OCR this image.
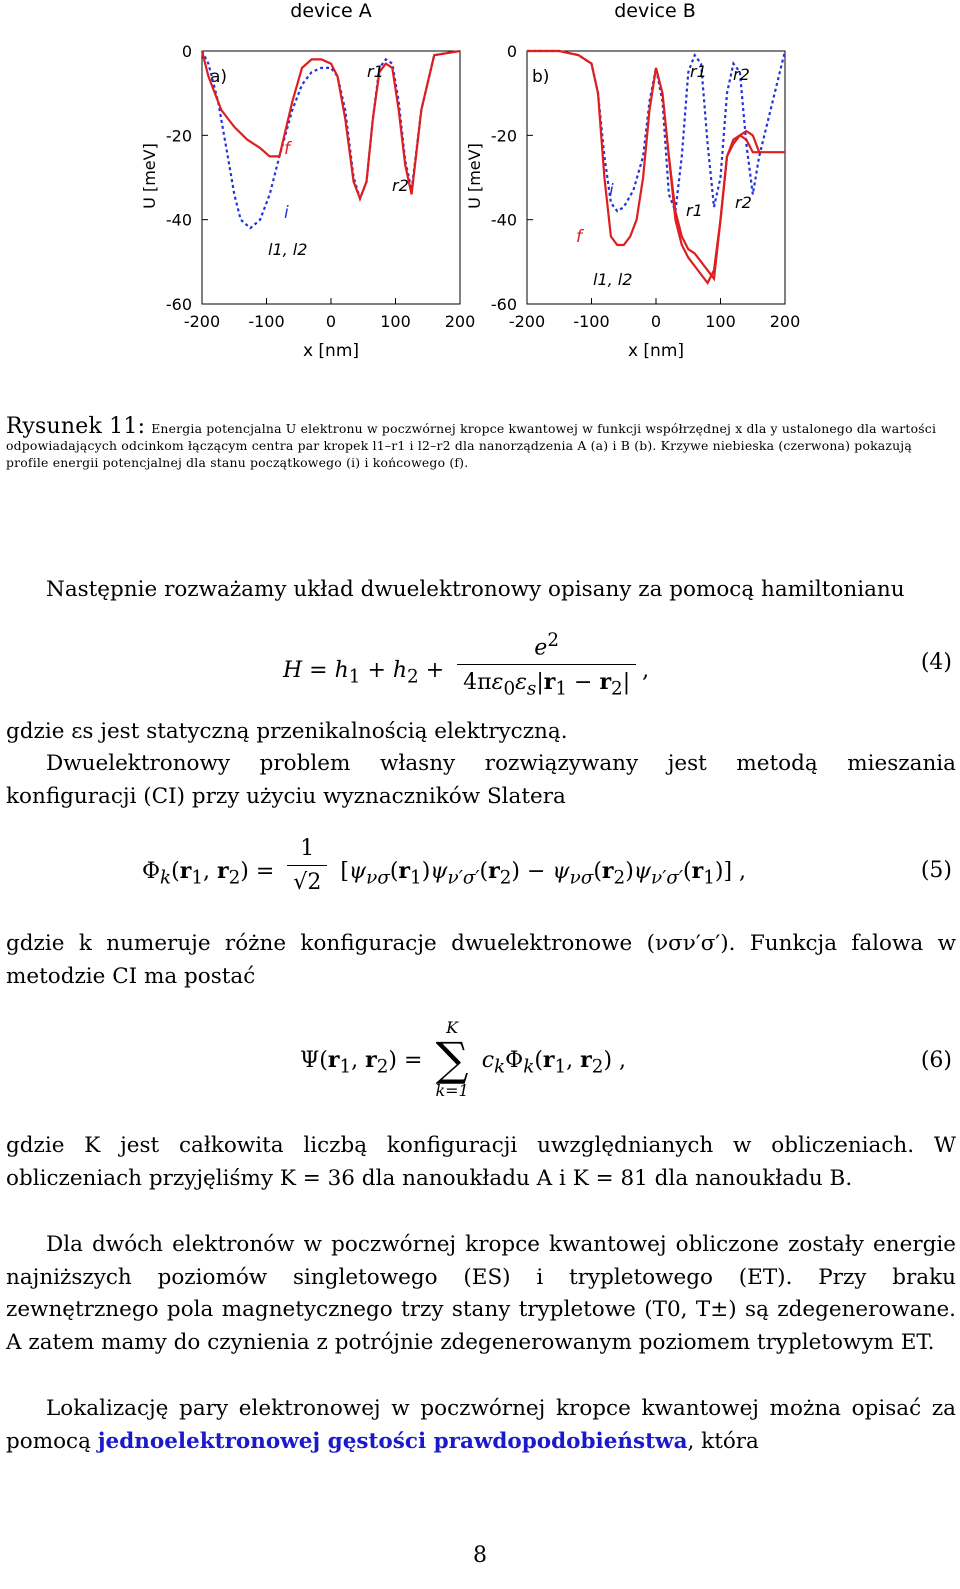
device A
a)
U [meV]
x [nm]
0
-20
-40
-60
-200 -100	0	100 200
r1
r2
f
i
l1, l2
device B
b)
U [meV]
x [nm]
0
-20
-40
-60
-200 -100	0	100 200
r1 r2
i
r1 r2
f
l1, l2
Rysunek 11: Energia potencjalna U elektronu w poczwórnej kropce kwantowej w funkcji współrzędnej x dla y ustalonego dla wartości odpowiadających odcinkom łączącym centra par kropek l1–r1 i l2–r2 dla nanorządzenia A (a) i B (b). Krzywe niebieska (czerwona) pokazują profile energii potencjalnej dla stanu początkowego (i) i końcowego (f).
Następnie rozważamy układ dwuelektronowy opisany za pomocą hamiltonianu
$H = h_1 + h_2 + \frac{e^2}{4\pi\varepsilon_0\varepsilon_s|r_1 - r_2|}$ ,	(4)
gdzie εs jest statyczną przenikalnością elektryczną.
Dwuelektronowy problem własny rozwiązywany jest metodą mieszania konfiguracji (CI) przy użyciu wyznaczników Slatera
$\Phi_k(r_1$, $r_2) = \frac{1}{√2} [\psi_{\nu\sigma}(r_1)\psi_{\nu'\sigma'}(r_2) - \psi_{\nu\sigma}(r_2)\psi_{\nu'\sigma'}(r_1)]$ ,	(5)
gdzie k numeruje różne konfiguracje dwuelektronowe (νσν′σ′). Funkcja falowa w metodzie CI ma postać
$\Psi(r_1$, $r_2$) =
K
∑
k=1
$c_k\Phi_k(r_1$, $r_2$) ,	(6)
gdzie K jest całkowita liczbą konfiguracji uwzględnianych w obliczeniach. W obliczeniach przyjęliśmy K = 36 dla nanoukładu A i K = 81 dla nanoukładu B.
Dla dwóch elektronów w poczwórnej kropce kwantowej obliczone zostały energie najniższych poziomów singletowego (ES) i trypletowego (ET). Przy braku zewnętrznego pola magnetycznego trzy stany trypletowe (T0, T±) są zdegenerowane. A zatem mamy do czynienia z potrójnie zdegenerowanym poziomem trypletowym ET.
Lokalizację pary elektronowej w poczwórnej kropce kwantowej można opisać za pomocą jednoelektronowej gęstości prawdopodobieństwa, która
8
